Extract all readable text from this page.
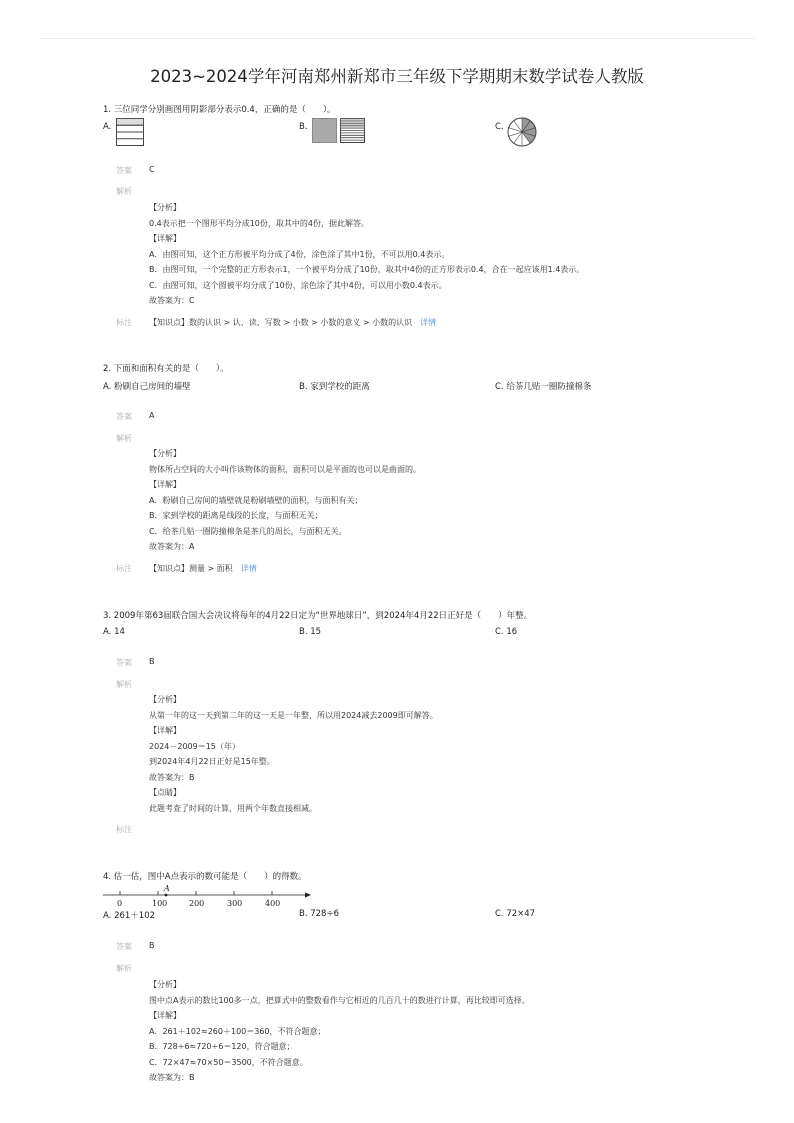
2023~2024学年河南郑州新郑市三年级下学期期末数学试卷人教版
1. 三位同学分别画图用阴影部分表示0.4，正确的是（　　）。
A.	B.	C.
答案 C
解析
【分析】
0.4表示把一个图形平均分成10份，取其中的4份，据此解答。
【详解】
A．由图可知，这个正方形被平均分成了4份，涂色涂了其中1份，不可以用0.4表示。
B．由图可知，一个完整的正方形表示1，一个被平均分成了10份，取其中4份的正方形表示0.4，合在一起应该用1.4表示。
C．由图可知，这个圆被平均分成了10份，涂色涂了其中4份，可以用小数0.4表示。
故答案为：C
标注 【知识点】数的认识 > 认、读、写数 > 小数 > 小数的意义 > 小数的认识 详情
2. 下面和面积有关的是（　　）。
A. 粉刷自己房间的墙壁	B. 家到学校的距离	C. 给茶几贴一圈防撞棉条
答案 A
解析
【分析】
物体所占空间的大小叫作该物体的面积，面积可以是平面的也可以是曲面的。
【详解】
A．粉刷自己房间的墙壁就是粉刷墙壁的面积，与面积有关；
B．家到学校的距离是线段的长度，与面积无关；
C．给茶几贴一圈防撞棉条是茶几的周长，与面积无关。
故答案为：A
标注 【知识点】测量 > 面积 详情
3. 2009年第63届联合国大会决议将每年的4月22日定为“世界地球日”，到2024年4月22日正好是（　　）年整。
A. 14	B. 15	C. 16
答案 B
解析
【分析】
从第一年的这一天到第二年的这一天是一年整，所以用2024减去2009即可解答。
【详解】
2024－2009＝15（年）
到2024年4月22日正好是15年整。
故答案为：B
【点睛】
此题考查了时间的计算，用两个年数直接相减。
标注
4. 估一估，图中A点表示的数可能是（　　）的得数。
A
0	100	200	300	400
A. 261＋102	B. 728÷6	C. 72×47
答案 B
解析
【分析】
图中点A表示的数比100多一点，把算式中的整数看作与它相近的几百几十的数进行计算，再比较即可选择。
【详解】
A．261＋102≈260＋100＝360，不符合题意；
B．728÷6≈720÷6＝120，符合题意；
C．72×47≈70×50＝3500，不符合题意。
故答案为：B
